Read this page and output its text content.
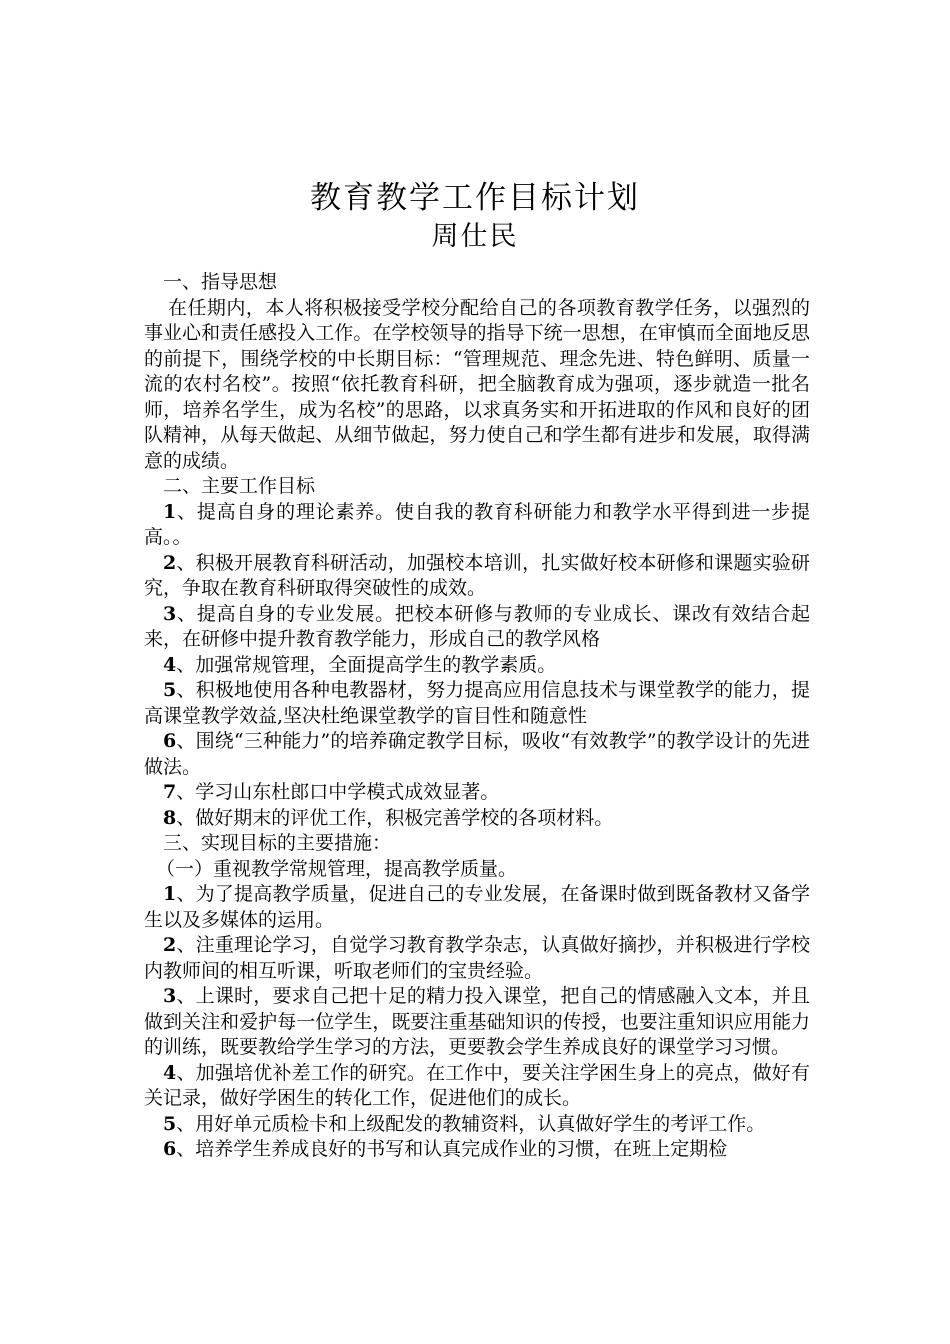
教育教学工作目标计划
周仕民

一、指导思想

在任期内，本人将积极接受学校分配给自己的各项教育教学任务，以强烈的事业心和责任感投入工作。在学校领导的指导下统一思想，在审慎而全面地反思的前提下，围绕学校的中长期目标：“管理规范、理念先进、特色鲜明、质量一流的农村名校”。按照“依托教育科研，把全脑教育成为强项，逐步就造一批名师，培养名学生，成为名校”的思路，以求真务实和开拓进取的作风和良好的团队精神，从每天做起、从细节做起，努力使自己和学生都有进步和发展，取得满意的成绩。

二、主要工作目标

1、提高自身的理论素养。使自我的教育科研能力和教学水平得到进一步提高。。

2、积极开展教育科研活动，加强校本培训，扎实做好校本研修和课题实验研究，争取在教育科研取得突破性的成效。

3、提高自身的专业发展。把校本研修与教师的专业成长、课改有效结合起来，在研修中提升教育教学能力，形成自己的教学风格

4、加强常规管理，全面提高学生的教学素质。

5、积极地使用各种电教器材，努力提高应用信息技术与课堂教学的能力，提高课堂教学效益,坚决杜绝课堂教学的盲目性和随意性

6、围绕“三种能力”的培养确定教学目标，吸收“有效教学”的教学设计的先进做法。

7、学习山东杜郎口中学模式成效显著。

8、做好期末的评优工作，积极完善学校的各项材料。

三、实现目标的主要措施：

（一）重视教学常规管理，提高教学质量。

1、为了提高教学质量，促进自己的专业发展，在备课时做到既备教材又备学生以及多媒体的运用。

2、注重理论学习，自觉学习教育教学杂志，认真做好摘抄，并积极进行学校内教师间的相互听课，听取老师们的宝贵经验。

3、上课时，要求自己把十足的精力投入课堂，把自己的情感融入文本，并且做到关注和爱护每一位学生，既要注重基础知识的传授，也要注重知识应用能力的训练，既要教给学生学习的方法，更要教会学生养成良好的课堂学习习惯。

4、加强培优补差工作的研究。在工作中，要关注学困生身上的亮点，做好有关记录，做好学困生的转化工作，促进他们的成长。

5、用好单元质检卡和上级配发的教辅资料，认真做好学生的考评工作。

6、培养学生养成良好的书写和认真完成作业的习惯，在班上定期检
